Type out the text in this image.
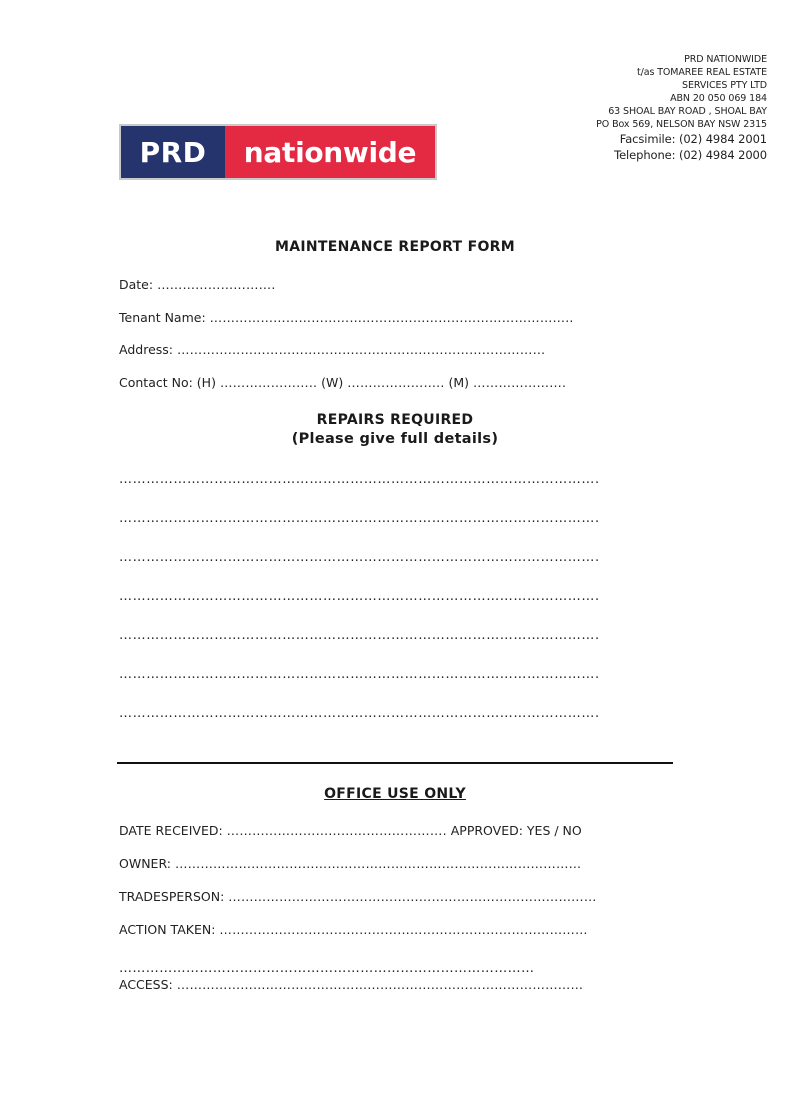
PRD NATIONWIDE
t/as TOMAREE REAL ESTATE
SERVICES PTY LTD
ABN 20 050 069 184
63 SHOAL BAY ROAD , SHOAL BAY
PO Box 569, NELSON BAY NSW 2315
Facsimile: (02) 4984 2001
Telephone: (02) 4984 2000
PRD	nationwide
MAINTENANCE REPORT FORM
Date: ……………………….
Tenant Name: …………………………………………………………………………..
Address: ……………………………………………………………………………
Contact No: (H) ………………….. (W) ………………….. (M) ………………….
REPAIRS REQUIRED
(Please give full details)
…………………………………………………………………………………………….
…………………………………………………………………………………………….
…………………………………………………………………………………………….
…………………………………………………………………………………………….
…………………………………………………………………………………………….
…………………………………………………………………………………………….
…………………………………………………………………………………………….
OFFICE USE ONLY
DATE RECEIVED: ……………………………………………. APPROVED: YES / NO
OWNER: ……………………………………………………………………………………
TRADESPERSON: ……………………………………………………………………………
ACTION TAKEN: ……………………………………………………………………………
…………………………………………………………………………………
ACCESS: ……………………………………………………………………………………
